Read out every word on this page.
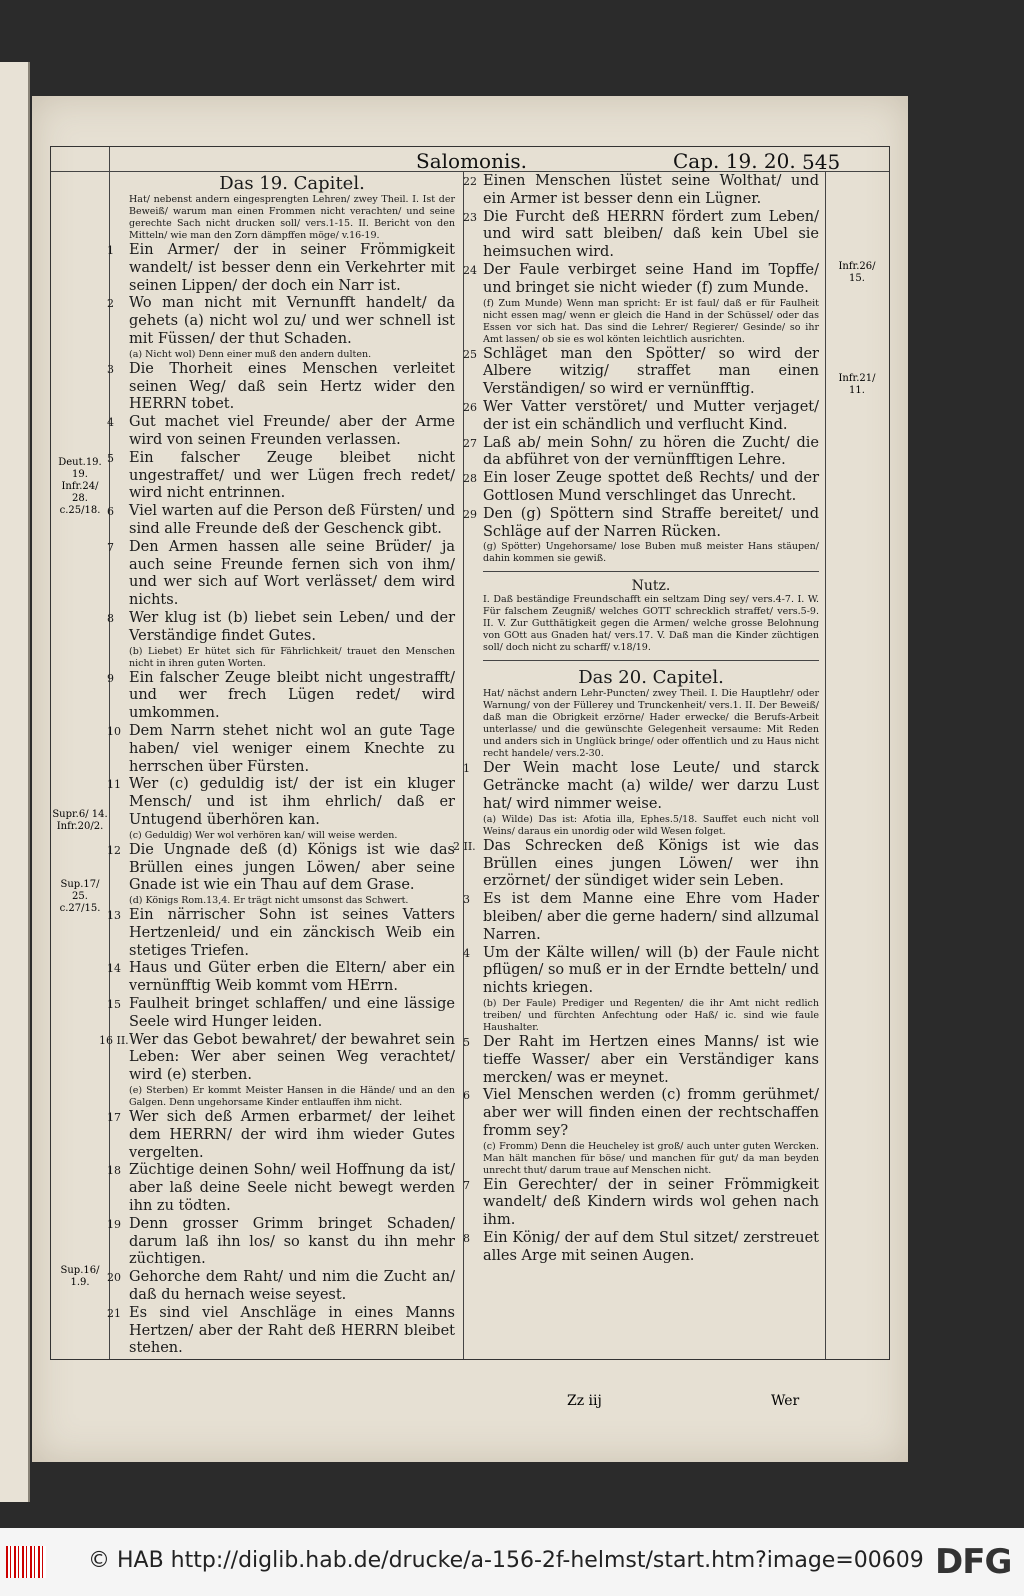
Salomonis.	Cap. 19. 20.
Deut.19. 19. Infr.24/ 28. c.25/18.
Supr.6/ 14. Infr.20/2.
Sup.17/ 25. c.27/15.
Sup.16/ 1.9.
Infr.26/ 15.
Infr.21/ 11.

Das 19. Capitel.

Hat/ nebenst andern eingesprengten Lehren/ zwey Theil. I. Ist der Beweiß/ warum man einen Frommen nicht verachten/ und seine gerechte Sach nicht drucken soll/ vers.1-15. II. Bericht von den Mitteln/ wie man den Zorn dämpffen möge/ v.16-19.

1 Ein Armer/ der in seiner Frömmigkeit wandelt/ ist besser denn ein Verkehrter mit seinen Lippen/ der doch ein Narr ist.
2 Wo man nicht mit Vernunfft handelt/ da gehets (a) nicht wol zu/ und wer schnell ist mit Füssen/ der thut Schaden.

(a) Nicht wol) Denn einer muß den andern dulten.

3 Die Thorheit eines Menschen verleitet seinen Weg/ daß sein Hertz wider den HERRN tobet.
4 Gut machet viel Freunde/ aber der Arme wird von seinen Freunden verlassen.
5 Ein falscher Zeuge bleibet nicht ungestraffet/ und wer Lügen frech redet/ wird nicht entrinnen.
6 Viel warten auf die Person deß Fürsten/ und sind alle Freunde deß der Geschenck gibt.
7 Den Armen hassen alle seine Brüder/ ja auch seine Freunde fernen sich von ihm/ und wer sich auf Wort verlässet/ dem wird nichts.
8 Wer klug ist (b) liebet sein Leben/ und der Verständige findet Gutes.

(b) Liebet) Er hütet sich für Fährlichkeit/ trauet den Menschen nicht in ihren guten Worten.

9 Ein falscher Zeuge bleibt nicht ungestrafft/ und wer frech Lügen redet/ wird umkommen.
10 Dem Narrn stehet nicht wol an gute Tage haben/ viel weniger einem Knechte zu herrschen über Fürsten.
11 Wer (c) geduldig ist/ der ist ein kluger Mensch/ und ist ihm ehrlich/ daß er Untugend überhören kan.

(c) Geduldig) Wer wol verhören kan/ will weise werden.

12 Die Ungnade deß (d) Königs ist wie das Brüllen eines jungen Löwen/ aber seine Gnade ist wie ein Thau auf dem Grase.

(d) Königs Rom.13,4. Er trägt nicht umsonst das Schwert.

13 Ein närrischer Sohn ist seines Vatters Hertzenleid/ und ein zänckisch Weib ein stetiges Triefen.
14 Haus und Güter erben die Eltern/ aber ein vernünfftig Weib kommt vom HErrn.
15 Faulheit bringet schlaffen/ und eine lässige Seele wird Hunger leiden.
16 II. Wer das Gebot bewahret/ der bewahret sein Leben: Wer aber seinen Weg verachtet/ wird (e) sterben.

(e) Sterben) Er kommt Meister Hansen in die Hände/ und an den Galgen. Denn ungehorsame Kinder entlauffen ihm nicht.

17 Wer sich deß Armen erbarmet/ der leihet dem HERRN/ der wird ihm wieder Gutes vergelten.
18 Züchtige deinen Sohn/ weil Hoffnung da ist/ aber laß deine Seele nicht bewegt werden ihn zu tödten.
19 Denn grosser Grimm bringet Schaden/ darum laß ihn los/ so kanst du ihn mehr züchtigen.
20 Gehorche dem Raht/ und nim die Zucht an/ daß du hernach weise seyest.
21 Es sind viel Anschläge in eines Manns Hertzen/ aber der Raht deß HERRN bleibet stehen.
22 Einen Menschen lüstet seine Wolthat/ und ein Armer ist besser denn ein Lügner.
23 Die Furcht deß HERRN fördert zum Leben/ und wird satt bleiben/ daß kein Ubel sie heimsuchen wird.
24 Der Faule verbirget seine Hand im Topffe/ und bringet sie nicht wieder (f) zum Munde.

(f) Zum Munde) Wenn man spricht: Er ist faul/ daß er für Faulheit nicht essen mag/ wenn er gleich die Hand in der Schüssel/ oder das Essen vor sich hat. Das sind die Lehrer/ Regierer/ Gesinde/ so ihr Amt lassen/ ob sie es wol könten leichtlich ausrichten.

25 Schläget man den Spötter/ so wird der Albere witzig/ straffet man einen Verständigen/ so wird er vernünfftig.
26 Wer Vatter verstöret/ und Mutter verjaget/ der ist ein schändlich und verflucht Kind.
27 Laß ab/ mein Sohn/ zu hören die Zucht/ die da abführet von der vernünfftigen Lehre.
28 Ein loser Zeuge spottet deß Rechts/ und der Gottlosen Mund verschlinget das Unrecht.
29 Den (g) Spöttern sind Straffe bereitet/ und Schläge auf der Narren Rücken.

(g) Spötter) Ungehorsame/ lose Buben muß meister Hans stäupen/ dahin kommen sie gewiß.

Nutz.

I. Daß beständige Freundschafft ein seltzam Ding sey/ vers.4-7. I. W. Für falschem Zeugniß/ welches GOTT schrecklich straffet/ vers.5-9. II. V. Zur Gutthätigkeit gegen die Armen/ welche grosse Belohnung von GOtt aus Gnaden hat/ vers.17. V. Daß man die Kinder züchtigen soll/ doch nicht zu scharff/ v.18/19.

Das 20. Capitel.

Hat/ nächst andern Lehr-Puncten/ zwey Theil. I. Die Hauptlehr/ oder Warnung/ von der Füllerey und Trunckenheit/ vers.1. II. Der Beweiß/ daß man die Obrigkeit erzörne/ Hader erwecke/ die Berufs-Arbeit unterlasse/ und die gewünschte Gelegenheit versaume: Mit Reden und anders sich in Unglück bringe/ oder offentlich und zu Haus nicht recht handele/ vers.2-30.

1 Der Wein macht lose Leute/ und starck Geträncke macht (a) wilde/ wer darzu Lust hat/ wird nimmer weise.

(a) Wilde) Das ist: Afotia illa, Ephes.5/18. Sauffet euch nicht voll Weins/ daraus ein unordig oder wild Wesen folget.

2 II. Das Schrecken deß Königs ist wie das Brüllen eines jungen Löwen/ wer ihn erzörnet/ der sündiget wider sein Leben.
3 Es ist dem Manne eine Ehre vom Hader bleiben/ aber die gerne hadern/ sind allzumal Narren.
4 Um der Kälte willen/ will (b) der Faule nicht pflügen/ so muß er in der Erndte betteln/ und nichts kriegen.

(b) Der Faule) Prediger und Regenten/ die ihr Amt nicht redlich treiben/ und fürchten Anfechtung oder Haß/ ic. sind wie faule Haushalter.

5 Der Raht im Hertzen eines Manns/ ist wie tieffe Wasser/ aber ein Verständiger kans mercken/ was er meynet.
6 Viel Menschen werden (c) fromm gerühmet/ aber wer will finden einen der rechtschaffen fromm sey?

(c) Fromm) Denn die Heucheley ist groß/ auch unter guten Wercken. Man hält manchen für böse/ und manchen für gut/ da man beyden unrecht thut/ darum traue auf Menschen nicht.

7 Ein Gerechter/ der in seiner Frömmigkeit wandelt/ deß Kindern wirds wol gehen nach ihm.
8 Ein König/ der auf dem Stul sitzet/ zerstreuet alles Arge mit seinen Augen.
Zz iij	Wer
545
© HAB http://diglib.hab.de/drucke/a-156-2f-helmst/start.htm?image=00609 DFG
